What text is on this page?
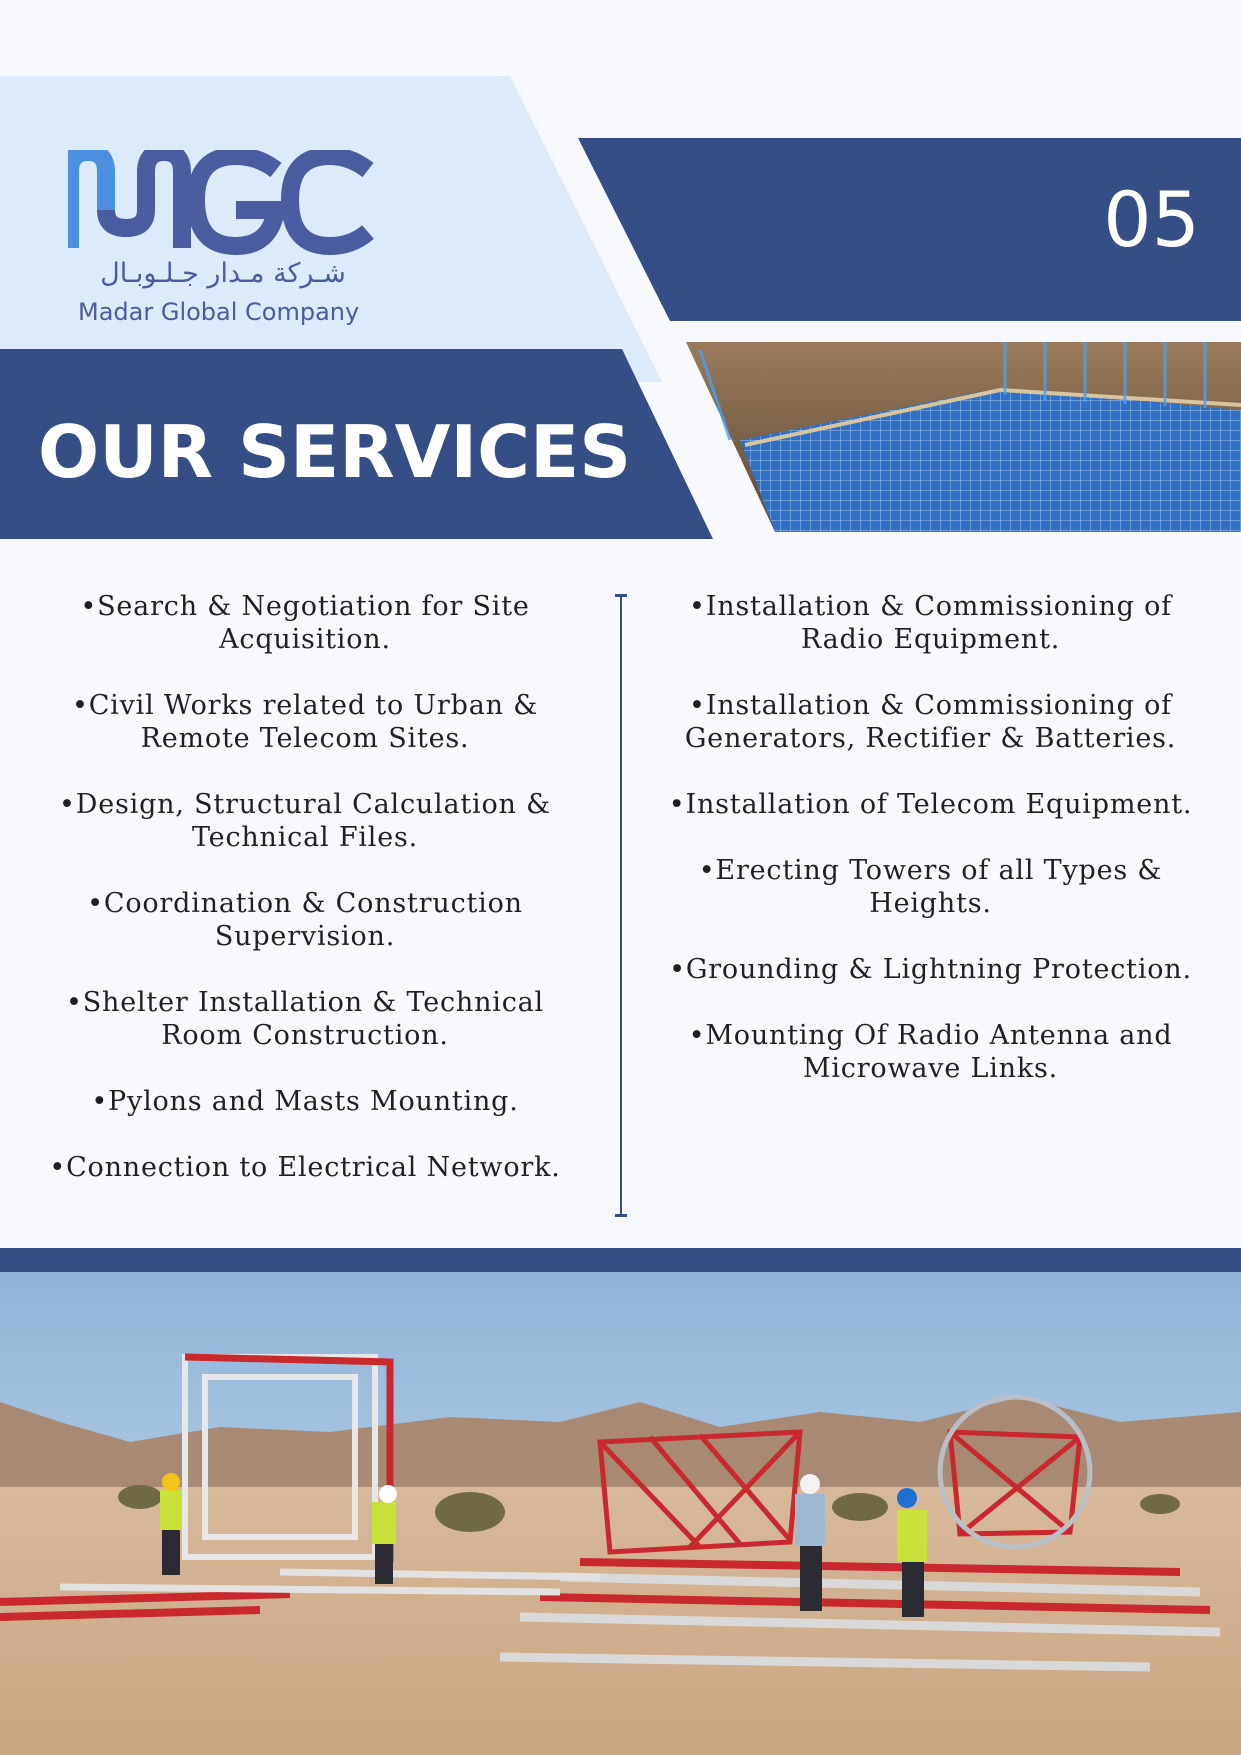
شـركة مـدار جـلـوبـال
Madar Global Company
05
OUR SERVICES
•Search & Negotiation for Site Acquisition.
•Civil Works related to Urban & Remote Telecom Sites.
•Design, Structural Calculation & Technical Files.
•Coordination & Construction Supervision.
•Shelter Installation & Technical Room Construction.
•Pylons and Masts Mounting.
•Connection to Electrical Network.
•Installation & Commissioning of Radio Equipment.
•Installation & Commissioning of Generators, Rectifier & Batteries.
•Installation of Telecom Equipment.
•Erecting Towers of all Types & Heights.
•Grounding & Lightning Protection.
•Mounting Of Radio Antenna and Microwave Links.
